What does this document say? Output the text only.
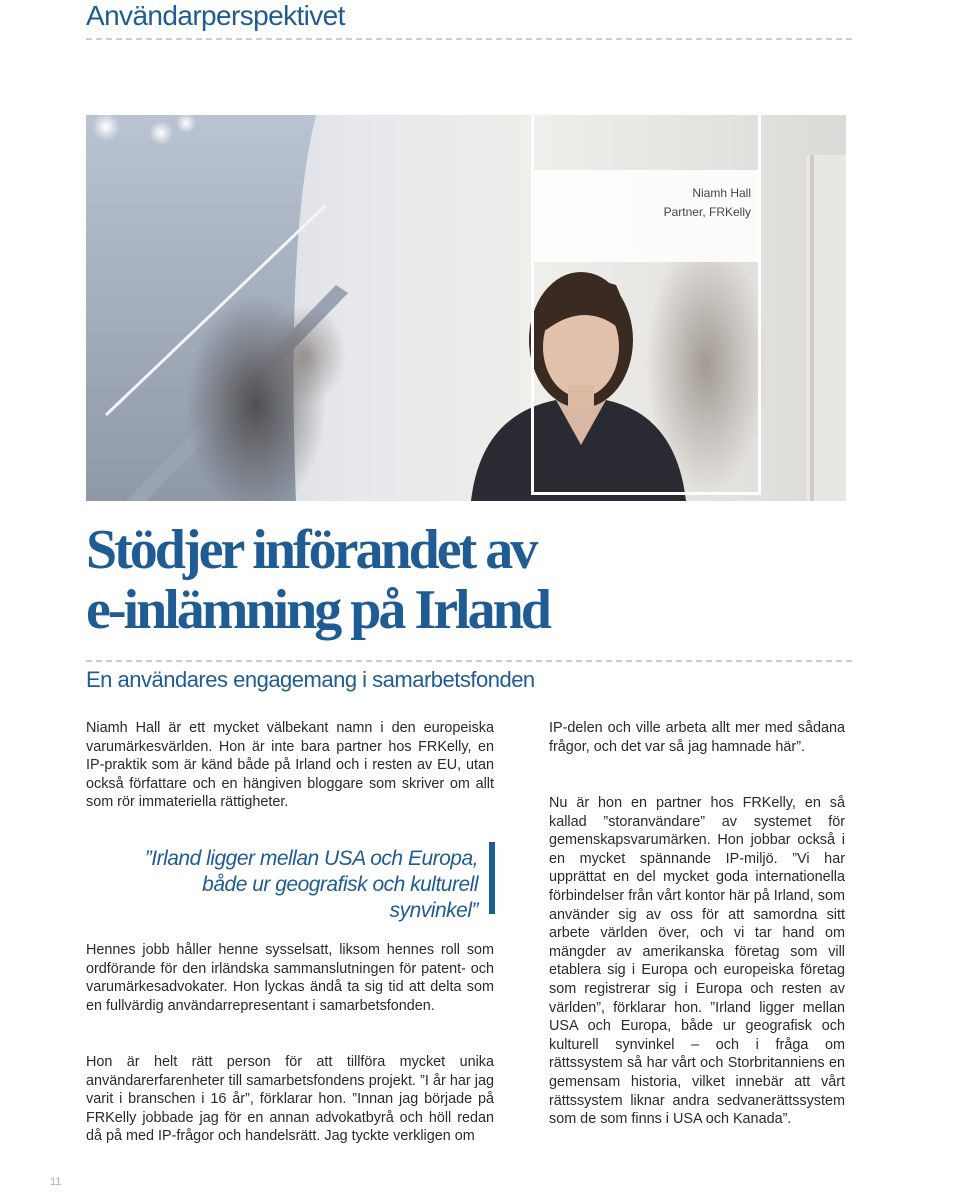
Användarperspektivet
Niamh Hall
Partner, FRKelly
Stödjer införandet av
e-inlämning på Irland
En användares engagemang i samarbetsfonden

Niamh Hall är ett mycket välbekant namn i den europeiska varumärkesvärlden. Hon är inte bara partner hos FRKelly, en IP-praktik som är känd både på Irland och i resten av EU, utan också författare och en hängiven bloggare som skriver om allt som rör immateriella rättigheter.

”Irland ligger mellan USA och Europa,
både ur geografisk och kulturell
synvinkel”

Hennes jobb håller henne sysselsatt, liksom hennes roll som ordförande för den irländska sammanslutningen för patent- och varumärkesadvokater. Hon lyckas ändå ta sig tid att delta som en fullvärdig användarrepresentant i samarbetsfonden.

Hon är helt rätt person för att tillföra mycket unika användarerfarenheter till samarbetsfondens projekt. ”I år har jag varit i branschen i 16 år”, förklarar hon. ”Innan jag började på FRKelly jobbade jag för en annan advokatbyrå och höll redan då på med IP-frågor och handelsrätt. Jag tyckte verkligen om

IP-delen och ville arbeta allt mer med sådana frågor, och det var så jag hamnade här”.

Nu är hon en partner hos FRKelly, en så kallad ”storanvändare” av systemet för gemenskapsvarumärken. Hon jobbar också i en mycket spännande IP-miljö. ”Vi har upprättat en del mycket goda internationella förbindelser från vårt kontor här på Irland, som använder sig av oss för att samordna sitt arbete världen över, och vi tar hand om mängder av amerikanska företag som vill etablera sig i Europa och europeiska företag som registrerar sig i Europa och resten av världen”, förklarar hon. ”Irland ligger mellan USA och Europa, både ur geografisk och kulturell synvinkel – och i fråga om rättssystem så har vårt och Storbritanniens en gemensam historia, vilket innebär att vårt rättssystem liknar andra sedvanerättssystem som de som finns i USA och Kanada”.

11
